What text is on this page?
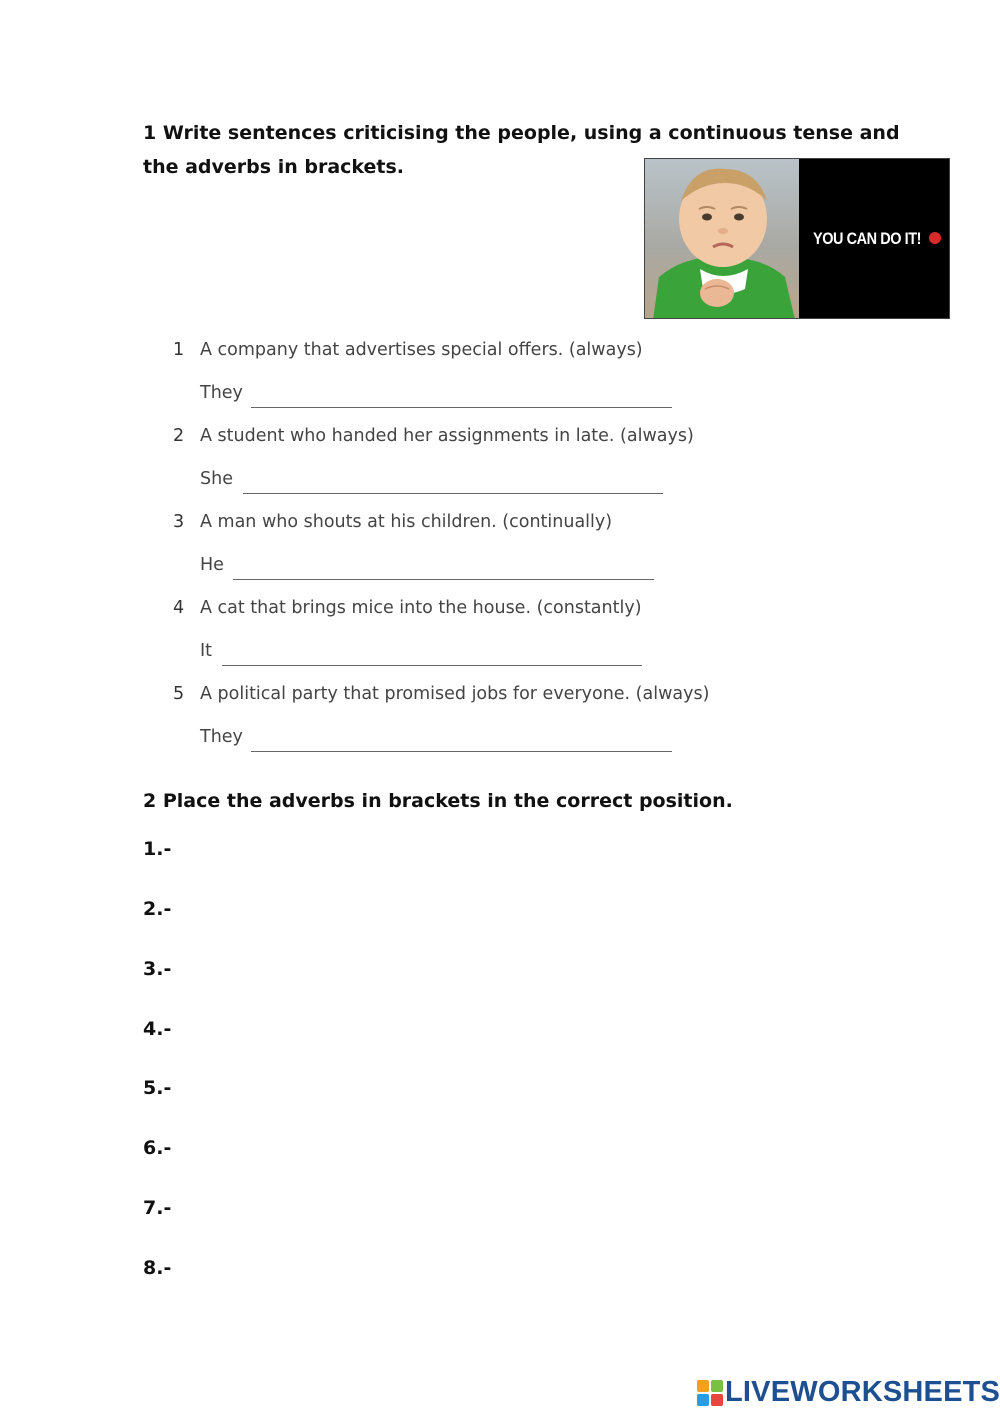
1 Write sentences criticising the people, using a continuous tense and
the adverbs in brackets.
YOU CAN DO IT!
1 A company that advertises special offers. (always)
They
2 A student who handed her assignments in late. (always)
She
3 A man who shouts at his children. (continually)
He
4 A cat that brings mice into the house. (constantly)
It
5 A political party that promised jobs for everyone. (always)
They
2 Place the adverbs in brackets in the correct position.
1.-
2.-
3.-
4.-
5.-
6.-
7.-
8.-
LIVEWORKSHEETS
